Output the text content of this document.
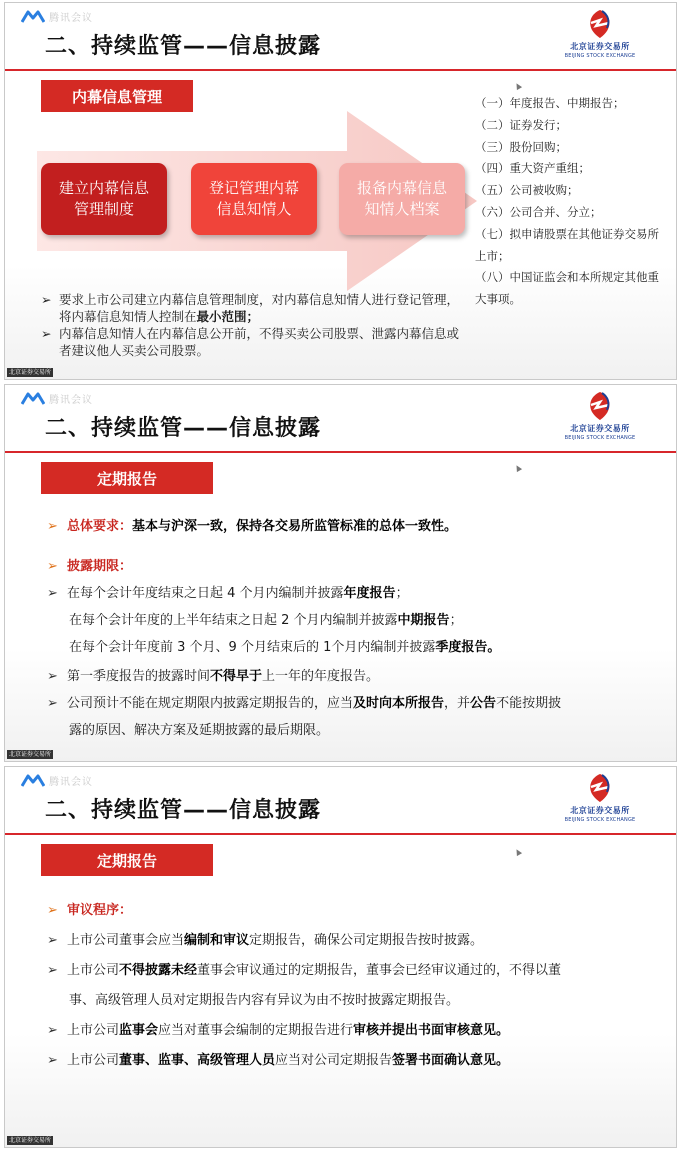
腾讯会议
二、持续监管——信息披露	北京证券交易所
BEIJING STOCK EXCHANGE
内幕信息管理
建立内幕信息
管理制度
登记管理内幕
信息知情人
报备内幕信息
知情人档案
（一）年度报告、中期报告；
（二）证券发行；
（三）股份回购；
（四）重大资产重组；
（五）公司被收购；
（六）公司合并、分立；
（七）拟申请股票在其他证券交易所
上市；
（八）中国证监会和本所规定其他重
大事项。
➢ 要求上市公司建立内幕信息管理制度，对内幕信息知情人进行登记管理，将内幕信息知情人控制在最小范围；
➢ 内幕信息知情人在内幕信息公开前，不得买卖公司股票、泄露内幕信息或者建议他人买卖公司股票。
北京证券交易所
腾讯会议
二、持续监管——信息披露	北京证券交易所
BEIJING STOCK EXCHANGE
定期报告
➢ 总体要求：基本与沪深一致，保持各交易所监管标准的总体一致性。
➢ 披露期限：
➢ 在每个会计年度结束之日起 4 个月内编制并披露年度报告；
在每个会计年度的上半年结束之日起 2 个月内编制并披露中期报告；
在每个会计年度前 3 个月、9 个月结束后的 1个月内编制并披露季度报告。
➢ 第一季度报告的披露时间不得早于上一年的年度报告。
➢ 公司预计不能在规定期限内披露定期报告的，应当及时向本所报告，并公告不能按期披
露的原因、解决方案及延期披露的最后期限。
北京证券交易所
腾讯会议
二、持续监管——信息披露	北京证券交易所
BEIJING STOCK EXCHANGE
定期报告
➢ 审议程序：
➢ 上市公司董事会应当编制和审议定期报告，确保公司定期报告按时披露。
➢ 上市公司不得披露未经董事会审议通过的定期报告，董事会已经审议通过的，不得以董
事、高级管理人员对定期报告内容有异议为由不按时披露定期报告。
➢ 上市公司监事会应当对董事会编制的定期报告进行审核并提出书面审核意见。
➢ 上市公司董事、监事、高级管理人员应当对公司定期报告签署书面确认意见。
北京证券交易所
